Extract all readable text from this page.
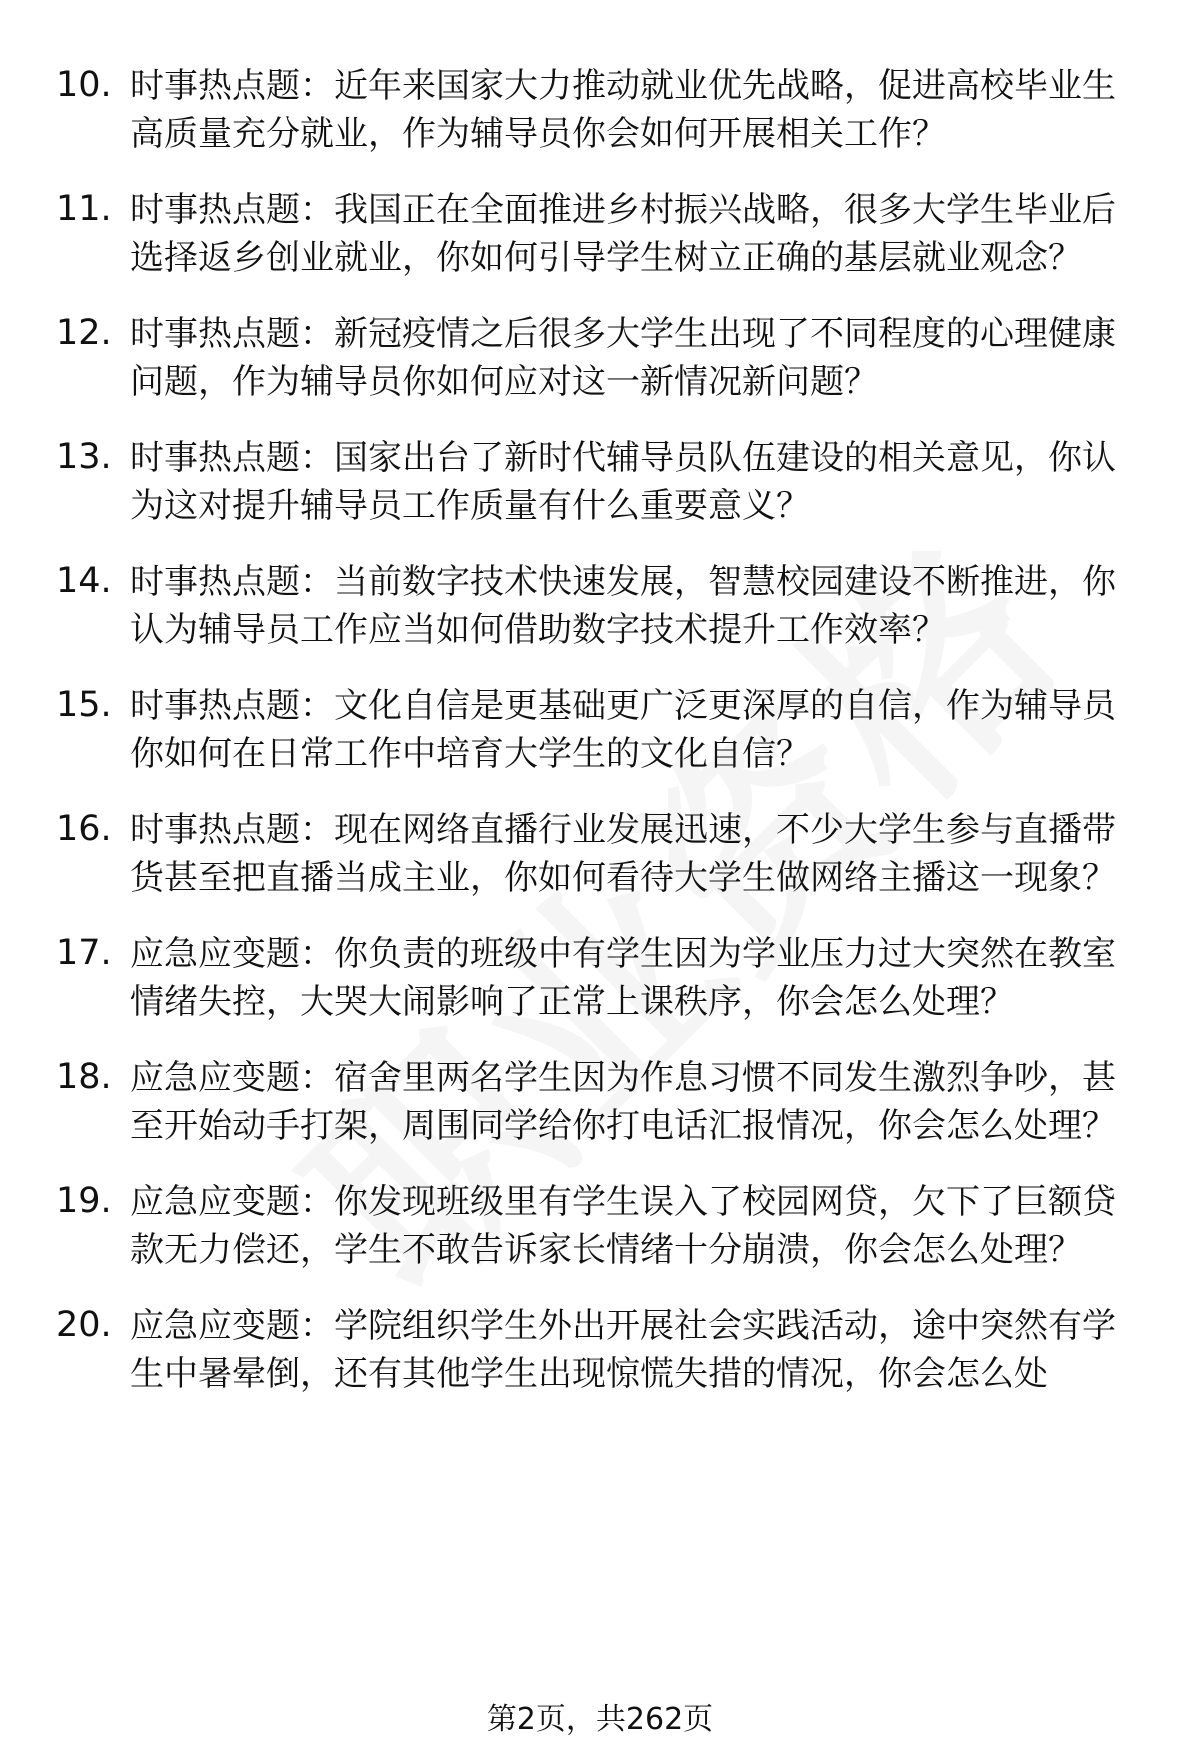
10. 时事热点题：近年来国家大力推动就业优先战略，促进高校毕业生高质量充分就业，作为辅导员你会如何开展相关工作？
11. 时事热点题：我国正在全面推进乡村振兴战略，很多大学生毕业后选择返乡创业就业，你如何引导学生树立正确的基层就业观念？
12. 时事热点题：新冠疫情之后很多大学生出现了不同程度的心理健康问题，作为辅导员你如何应对这一新情况新问题？
13. 时事热点题：国家出台了新时代辅导员队伍建设的相关意见，你认为这对提升辅导员工作质量有什么重要意义？
14. 时事热点题：当前数字技术快速发展，智慧校园建设不断推进，你认为辅导员工作应当如何借助数字技术提升工作效率？
15. 时事热点题：文化自信是更基础更广泛更深厚的自信，作为辅导员你如何在日常工作中培育大学生的文化自信？
16. 时事热点题：现在网络直播行业发展迅速，不少大学生参与直播带货甚至把直播当成主业，你如何看待大学生做网络主播这一现象？
17. 应急应变题：你负责的班级中有学生因为学业压力过大突然在教室情绪失控，大哭大闹影响了正常上课秩序，你会怎么处理？
18. 应急应变题：宿舍里两名学生因为作息习惯不同发生激烈争吵，甚至开始动手打架，周围同学给你打电话汇报情况，你会怎么处理？
19. 应急应变题：你发现班级里有学生误入了校园网贷，欠下了巨额贷款无力偿还，学生不敢告诉家长情绪十分崩溃，你会怎么处理？
20. 应急应变题：学院组织学生外出开展社会实践活动，途中突然有学生中暑晕倒，还有其他学生出现惊慌失措的情况，你会怎么处
第2页，共262页
